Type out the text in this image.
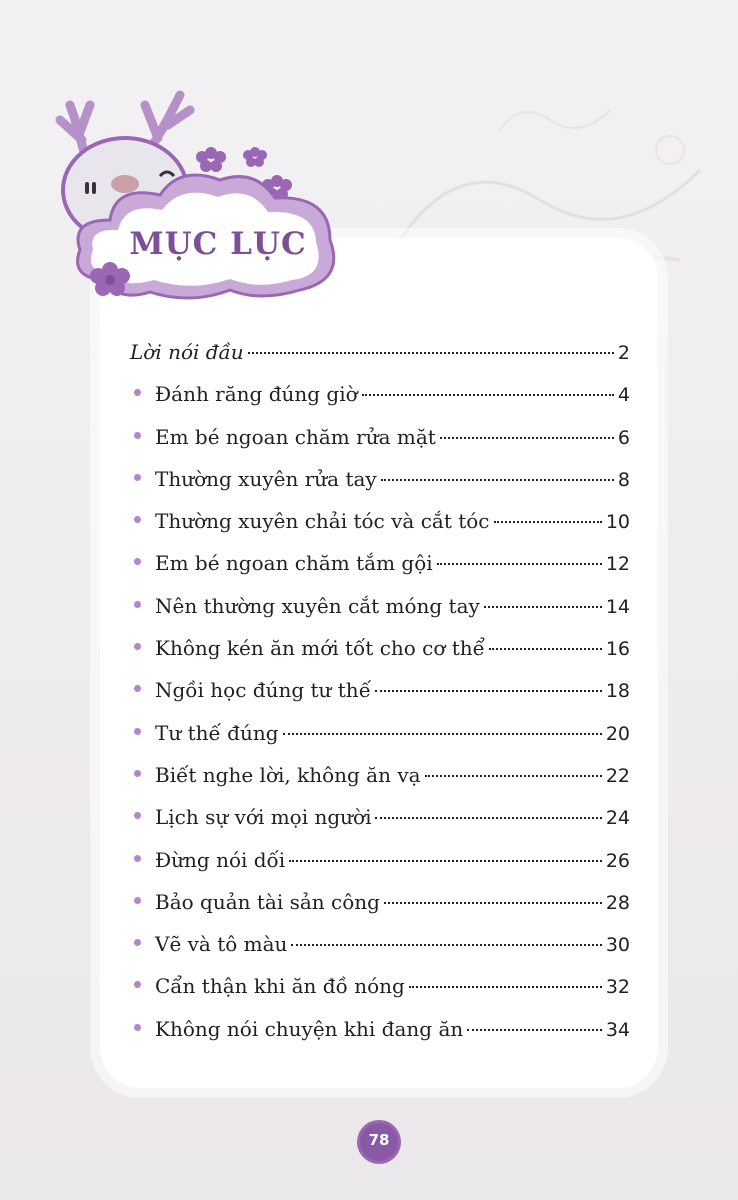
MỤC LỤC
Lời nói đầu	2
Đánh răng đúng giờ	4
Em bé ngoan chăm rửa mặt	6
Thường xuyên rửa tay	8
Thường xuyên chải tóc và cắt tóc	10
Em bé ngoan chăm tắm gội	12
Nên thường xuyên cắt móng tay	14
Không kén ăn mới tốt cho cơ thể	16
Ngồi học đúng tư thế	18
Tư thế đúng	20
Biết nghe lời, không ăn vạ	22
Lịch sự với mọi người	24
Đừng nói dối	26
Bảo quản tài sản công	28
Vẽ và tô màu	30
Cẩn thận khi ăn đồ nóng	32
Không nói chuyện khi đang ăn	34
78
